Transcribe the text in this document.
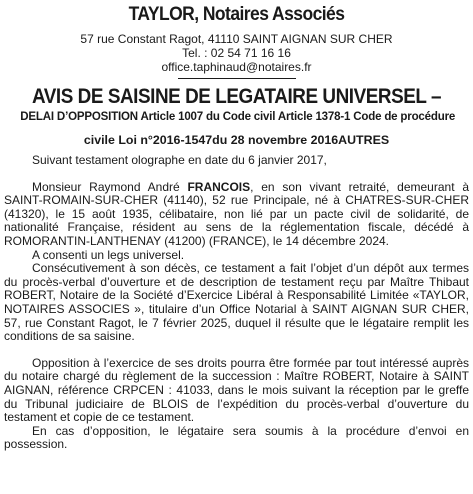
TAYLOR, Notaires Associés

57 rue Constant Ragot, 41110 SAINT AIGNAN SUR CHER

Tel. : 02 54 71 16 16

office.taphinaud@notaires.fr

AVIS DE SAISINE DE LEGATAIRE UNIVERSEL –
DELAI D’OPPOSITION Article 1007 du Code civil Article 1378-1 Code de procédure
civile Loi n°2016-1547du 28 novembre 2016AUTRES

Suivant testament olographe en date du 6 janvier 2017,

Monsieur Raymond André FRANCOIS, en son vivant retraité, demeurant à SAINT-ROMAIN-SUR-CHER (41140), 52 rue Principale, né à CHATRES-SUR-CHER (41320), le 15 août 1935, célibataire, non lié par un pacte civil de solidarité, de nationalité Française, résident au sens de la réglementation fiscale, décédé à ROMORANTIN-LANTHENAY (41200) (FRANCE), le 14 décembre 2024.

A consenti un legs universel.

Consécutivement à son décès, ce testament a fait l’objet d’un dépôt aux termes du procès-verbal d’ouverture et de description de testament reçu par Maître Thibaut ROBERT, Notaire de la Société d’Exercice Libéral à Responsabilité Limitée «TAYLOR, NOTAIRES ASSOCIES », titulaire d’un Office Notarial à SAINT AIGNAN SUR CHER, 57, rue Constant Ragot, le 7 février 2025, duquel il résulte que le légataire remplit les conditions de sa saisine.

Opposition à l’exercice de ses droits pourra être formée par tout intéressé auprès du notaire chargé du règlement de la succession : Maître ROBERT, Notaire à SAINT AIGNAN, référence CRPCEN : 41033, dans le mois suivant la réception par le greffe du Tribunal judiciaire de BLOIS de l’expédition du procès-verbal d’ouverture du testament et copie de ce testament.

En cas d’opposition, le légataire sera soumis à la procédure d’envoi en possession.
